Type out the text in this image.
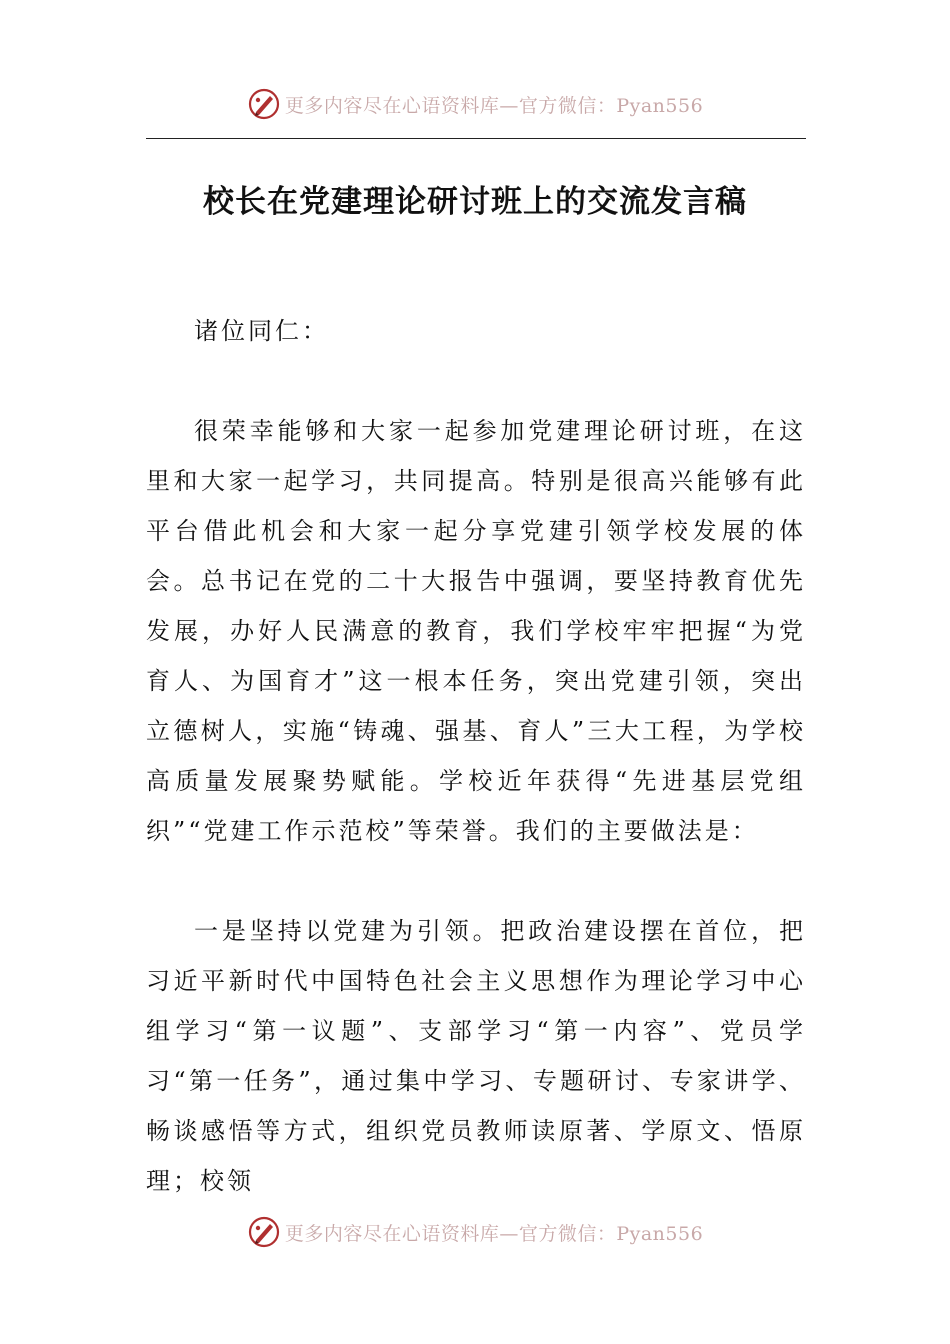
更多内容尽在心语资料库—官方微信：Pyan556
校长在党建理论研讨班上的交流发言稿

诸位同仁：

很荣幸能够和大家一起参加党建理论研讨班，在这里和大家一起学习，共同提高。特别是很高兴能够有此平台借此机会和大家一起分享党建引领学校发展的体会。总书记在党的二十大报告中强调，要坚持教育优先发展，办好人民满意的教育，我们学校牢牢把握“为党育人、为国育才”这一根本任务，突出党建引领，突出立德树人，实施“铸魂、强基、育人”三大工程，为学校高质量发展聚势赋能。学校近年获得“先进基层党组织”“党建工作示范校”等荣誉。我们的主要做法是：

一是坚持以党建为引领。把政治建设摆在首位，把习近平新时代中国特色社会主义思想作为理论学习中心组学习“第一议题”、支部学习“第一内容”、党员学习“第一任务”，通过集中学习、专题研讨、专家讲学、畅谈感悟等方式，组织党员教师读原著、学原文、悟原理；校领

更多内容尽在心语资料库—官方微信：Pyan556
